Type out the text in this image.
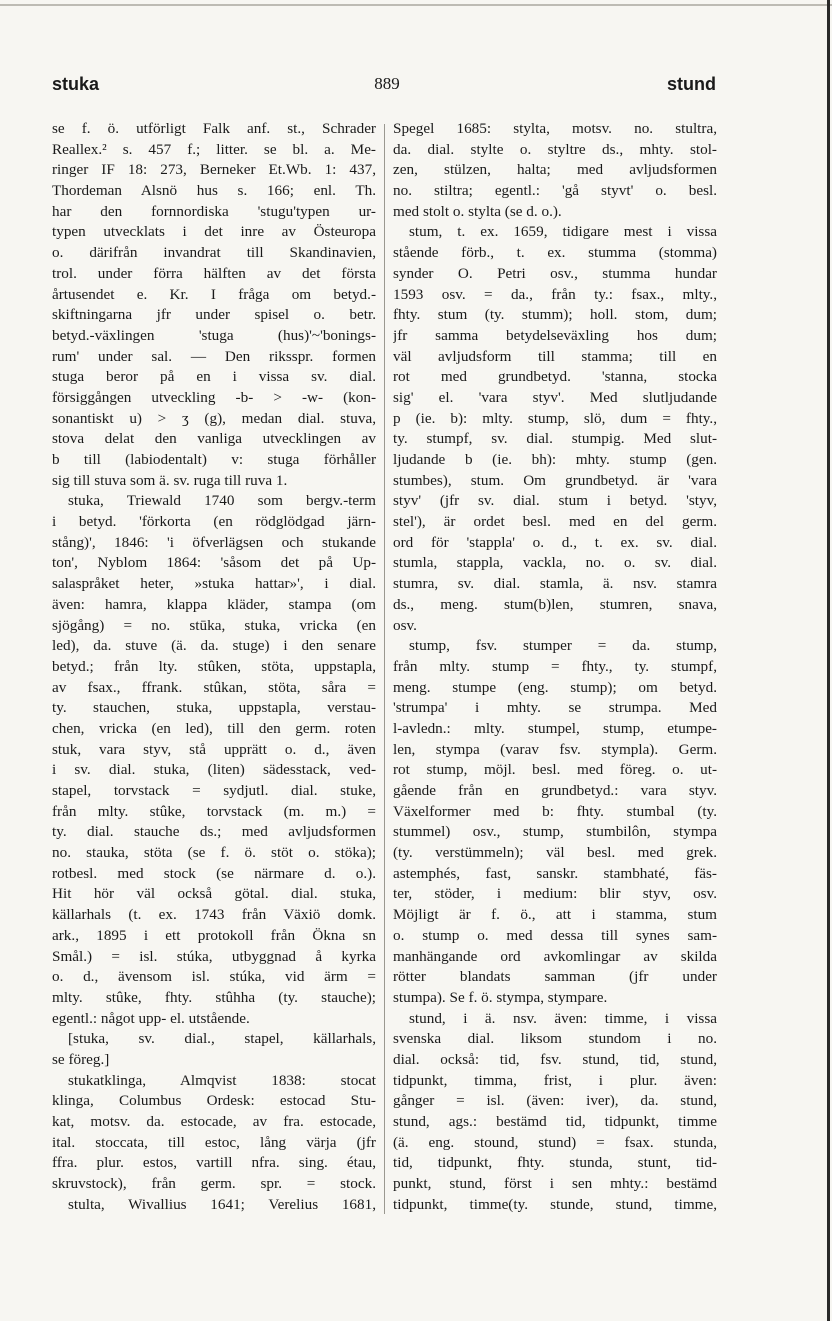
stuka	889	stund
se f. ö. utförligt Falk anf. st., Schrader
Reallex.² s. 457 f.; litter. se bl. a. Me-
ringer IF 18: 273, Berneker Et.Wb. 1: 437,
Thordeman Alsnö hus s. 166; enl. Th.
har den fornnordiska 'stugu'typen ur-
typen utvecklats i det inre av Östeuropa
o. därifrån invandrat till Skandinavien,
trol. under förra hälften av det första
årtusendet e. Kr. I fråga om betyd.-
skiftningarna jfr under spisel o. betr.
betyd.-växlingen 'stuga (hus)'~'bonings-
rum' under sal. — Den riksspr. formen
stuga beror på en i vissa sv. dial.
försiggången utveckling -b- > -w- (kon-
sonantiskt u) > ʒ (g), medan dial. stuva,
stova delat den vanliga utvecklingen av
b till (labiodentalt) v: stuga förhåller
sig till stuva som ä. sv. ruga till ruva 1.
stuka, Triewald 1740 som bergv.-term
i betyd. 'förkorta (en rödglödgad järn-
stång)', 1846: 'i öfverlägsen och stukande
ton', Nyblom 1864: 'såsom det på Up-
salaspråket heter, »stuka hattar»', i dial.
även: hamra, klappa kläder, stampa (om
sjögång) = no. stūka, stuka, vricka (en
led), da. stuve (ä. da. stuge) i den senare
betyd.; från lty. stûken, stöta, uppstapla,
av fsax., ffrank. stûkan, stöta, såra =
ty. stauchen, stuka, uppstapla, verstau-
chen, vricka (en led), till den germ. roten
stuk, vara styv, stå upprätt o. d., även
i sv. dial. stuka, (liten) sädesstack, ved-
stapel, torvstack = sydjutl. dial. stuke,
från mlty. stûke, torvstack (m. m.) =
ty. dial. stauche ds.; med avljudsformen
no. stauka, stöta (se f. ö. stöt o. stöka);
rotbesl. med stock (se närmare d. o.).
Hit hör väl också götal. dial. stuka,
källarhals (t. ex. 1743 från Växiö domk.
ark., 1895 i ett protokoll från Ökna sn
Smål.) = isl. stúka, utbyggnad å kyrka
o. d., ävensom isl. stúka, vid ärm =
mlty. stûke, fhty. stûhha (ty. stauche);
egentl.: något upp- el. utstående.
[stuka, sv. dial., stapel, källarhals,
se föreg.]
stukatklinga, Almqvist 1838: stocat
klinga, Columbus Ordesk: estocad Stu-
kat, motsv. da. estocade, av fra. estocade,
ital. stoccata, till estoc, lång värja (jfr
ffra. plur. estos, vartill nfra. sing. étau,
skruvstock), från germ. spr. = stock.
stulta, Wivallius 1641; Verelius 1681,
Spegel 1685: stylta, motsv. no. stultra,
da. dial. stylte o. styltre ds., mhty. stol-
zen, stülzen, halta; med avljudsformen
no. stiltra; egentl.: 'gå styvt' o. besl.
med stolt o. stylta (se d. o.).
stum, t. ex. 1659, tidigare mest i vissa
stående förb., t. ex. stumma (stomma)
synder O. Petri osv., stumma hundar
1593 osv. = da., från ty.: fsax., mlty.,
fhty. stum (ty. stumm); holl. stom, dum;
jfr samma betydelseväxling hos dum;
väl avljudsform till stamma; till en
rot med grundbetyd. 'stanna, stocka
sig' el. 'vara styv'. Med slutljudande
p (ie. b): mlty. stump, slö, dum = fhty.,
ty. stumpf, sv. dial. stumpig. Med slut-
ljudande b (ie. bh): mhty. stump (gen.
stumbes), stum. Om grundbetyd. är 'vara
styv' (jfr sv. dial. stum i betyd. 'styv,
stel'), är ordet besl. med en del germ.
ord för 'stappla' o. d., t. ex. sv. dial.
stumla, stappla, vackla, no. o. sv. dial.
stumra, sv. dial. stamla, ä. nsv. stamra
ds., meng. stum(b)len, stumren, snava,
osv.
stump, fsv. stumper = da. stump,
från mlty. stump = fhty., ty. stumpf,
meng. stumpe (eng. stump); om betyd.
'strumpa' i mhty. se strumpa. Med
l-avledn.: mlty. stumpel, stump, etumpe-
len, stympa (varav fsv. stympla). Germ.
rot stump, möjl. besl. med föreg. o. ut-
gående från en grundbetyd.: vara styv.
Växelformer med b: fhty. stumbal (ty.
stummel) osv., stump, stumbilôn, stympa
(ty. verstümmeln); väl besl. med grek.
astemphés, fast, sanskr. stambhaté, fäs-
ter, stöder, i medium: blir styv, osv.
Möjligt är f. ö., att i stamma, stum
o. stump o. med dessa till synes sam-
manhängande ord avkomlingar av skilda
rötter blandats samman (jfr under
stumpa). Se f. ö. stympa, stympare.
stund, i ä. nsv. även: timme, i vissa
svenska dial. liksom stundom i no.
dial. också: tid, fsv. stund, tid, stund,
tidpunkt, timma, frist, i plur. även:
gånger = isl. (även: iver), da. stund,
stund, ags.: bestämd tid, tidpunkt, timme
(ä. eng. stound, stund) = fsax. stunda,
tid, tidpunkt, fhty. stunda, stunt, tid-
punkt, stund, först i sen mhty.: bestämd
tidpunkt, timme(ty. stunde, stund, timme,
